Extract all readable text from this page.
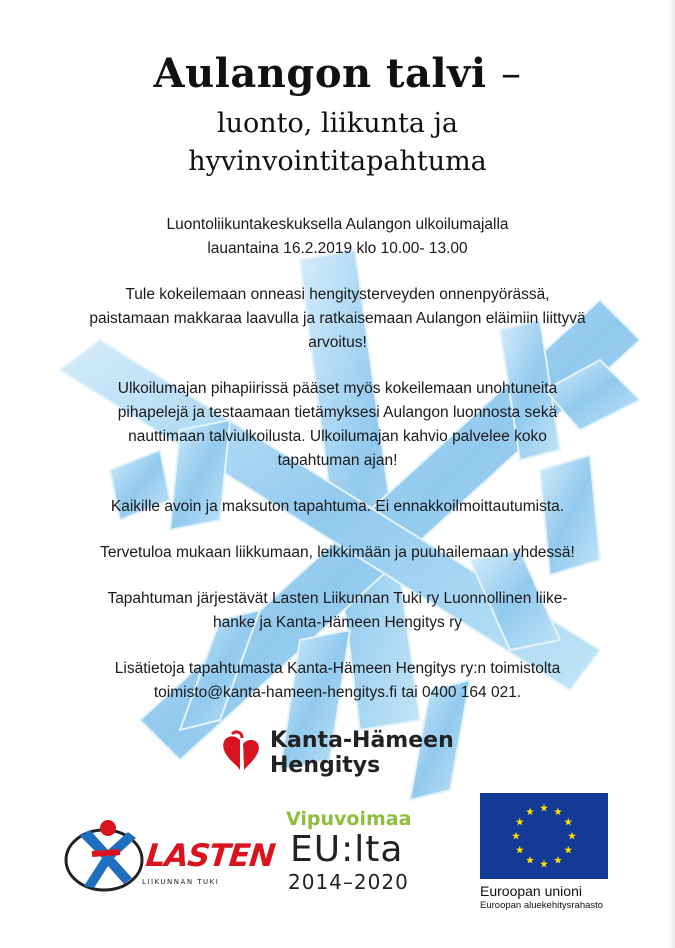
Aulangon talvi –
luonto, liikunta ja
hyvinvointitapahtuma

Luontoliikuntakeskuksella Aulangon ulkoilumajalla
lauantaina 16.2.2019 klo 10.00- 13.00

Tule kokeilemaan onneasi hengitysterveyden onnenpyörässä,
paistamaan makkaraa laavulla ja ratkaisemaan Aulangon eläimiin liittyvä
arvoitus!

Ulkoilumajan pihapiirissä pääset myös kokeilemaan unohtuneita
pihapelejä ja testaamaan tietämyksesi Aulangon luonnosta sekä
nauttimaan talviulkoilusta. Ulkoilumajan kahvio palvelee koko
tapahtuman ajan!

Kaikille avoin ja maksuton tapahtuma. Ei ennakkoilmoittautumista.

Tervetuloa mukaan liikkumaan, leikkimään ja puuhailemaan yhdessä!

Tapahtuman järjestävät Lasten Liikunnan Tuki ry Luonnollinen liike-
hanke ja Kanta-Hämeen Hengitys ry

Lisätietoja tapahtumasta Kanta-Hämeen Hengitys ry:n toimistolta
toimisto@kanta-hameen-hengitys.fi tai 0400 164 021.

Kanta-Hämeen
Hengitys
LASTEN
LIIKUNNAN TUKI
Vipuvoimaa
EU:lta
2014–2020	Euroopan unioni
Euroopan aluekehitysrahasto
